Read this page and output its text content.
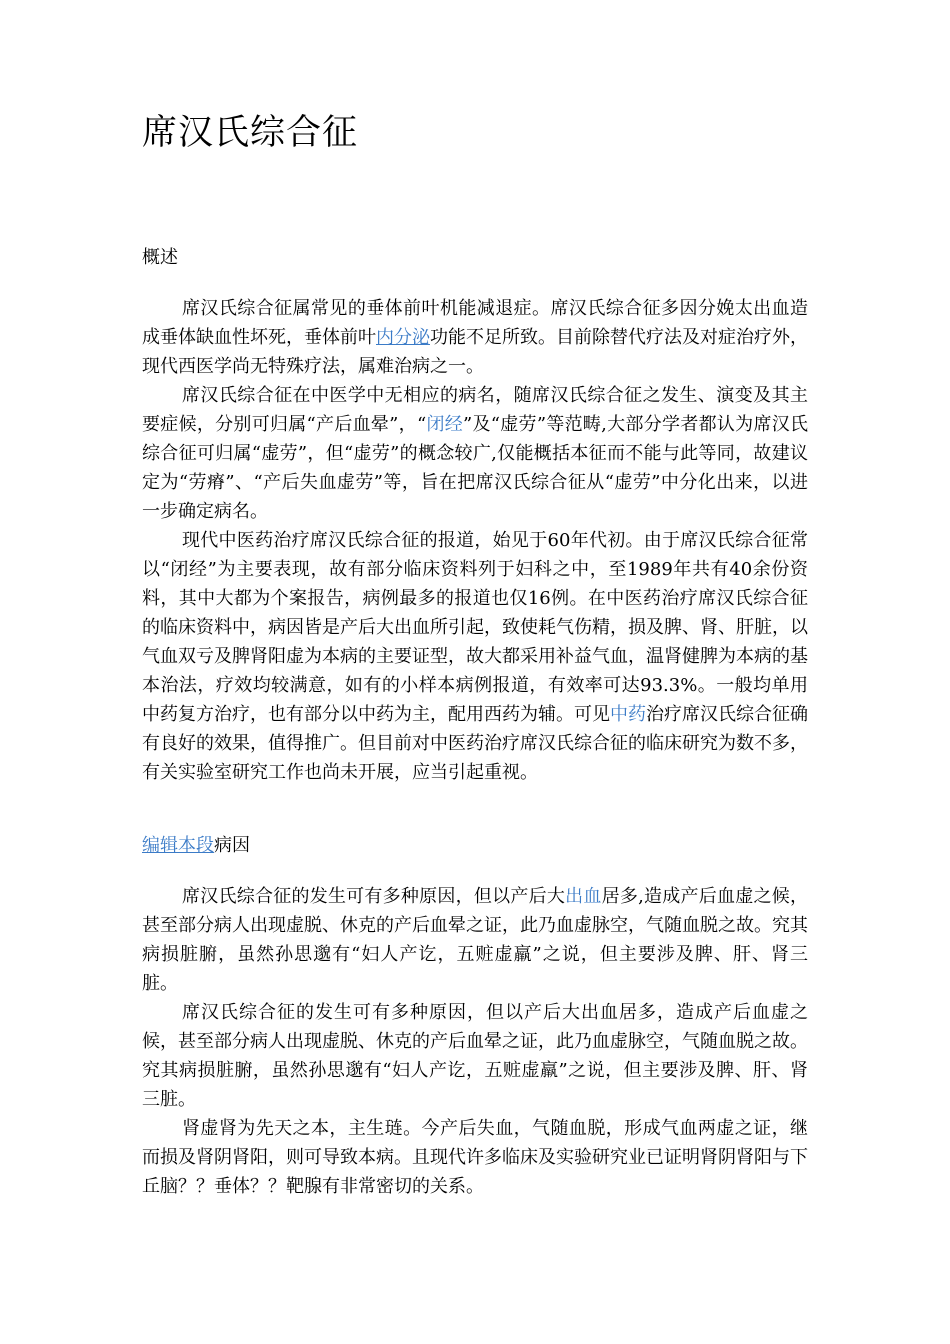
席汉氏综合征
概述

席汉氏综合征属常见的垂体前叶机能减退症。席汉氏综合征多因分娩太出血造成垂体缺血性坏死，垂体前叶内分泌功能不足所致。目前除替代疗法及对症治疗外，现代西医学尚无特殊疗法，属难治病之一。

席汉氏综合征在中医学中无相应的病名，随席汉氏综合征之发生、演变及其主要症候，分别可归属“产后血晕”，“闭经”及“虚劳”等范畴,大部分学者都认为席汉氏综合征可归属“虚劳”，但“虚劳”的概念较广,仅能概括本征而不能与此等同，故建议定为“劳瘠”、“产后失血虚劳”等，旨在把席汉氏综合征从“虚劳”中分化出来，以进一步确定病名。

现代中医药治疗席汉氏综合征的报道，始见于60年代初。由于席汉氏综合征常以“闭经”为主要表现，故有部分临床资料列于妇科之中，至1989年共有40余份资料，其中大都为个案报告，病例最多的报道也仅16例。在中医药治疗席汉氏综合征的临床资料中，病因皆是产后大出血所引起，致使耗气伤精，损及脾、肾、肝脏，以气血双亏及脾肾阳虚为本病的主要证型，故大都采用补益气血，温肾健脾为本病的基本治法，疗效均较满意，如有的小样本病例报道，有效率可达93.3%。一般均单用中药复方治疗，也有部分以中药为主，配用西药为辅。可见中药治疗席汉氏综合征确有良好的效果，值得推广。但目前对中医药治疗席汉氏综合征的临床研究为数不多，有关实验室研究工作也尚未开展，应当引起重视。

编辑本段病因

席汉氏综合征的发生可有多种原因，但以产后大出血居多,造成产后血虚之候，甚至部分病人出现虚脱、休克的产后血晕之证，此乃血虚脉空，气随血脱之故。究其病损脏腑，虽然孙思邈有“妇人产讫，五赃虚羸”之说，但主要涉及脾、肝、肾三脏。

席汉氏综合征的发生可有多种原因，但以产后大出血居多，造成产后血虚之候，甚至部分病人出现虚脱、休克的产后血晕之证，此乃血虚脉空，气随血脱之故。究其病损脏腑，虽然孙思邈有“妇人产讫，五赃虚羸”之说，但主要涉及脾、肝、肾三脏。

肾虚肾为先天之本，主生琏。今产后失血，气随血脱，形成气血两虚之证，继而损及肾阴肾阳，则可导致本病。且现代许多临床及实验研究业已证明肾阴肾阳与下丘脑？？垂体？？靶腺有非常密切的关系。
